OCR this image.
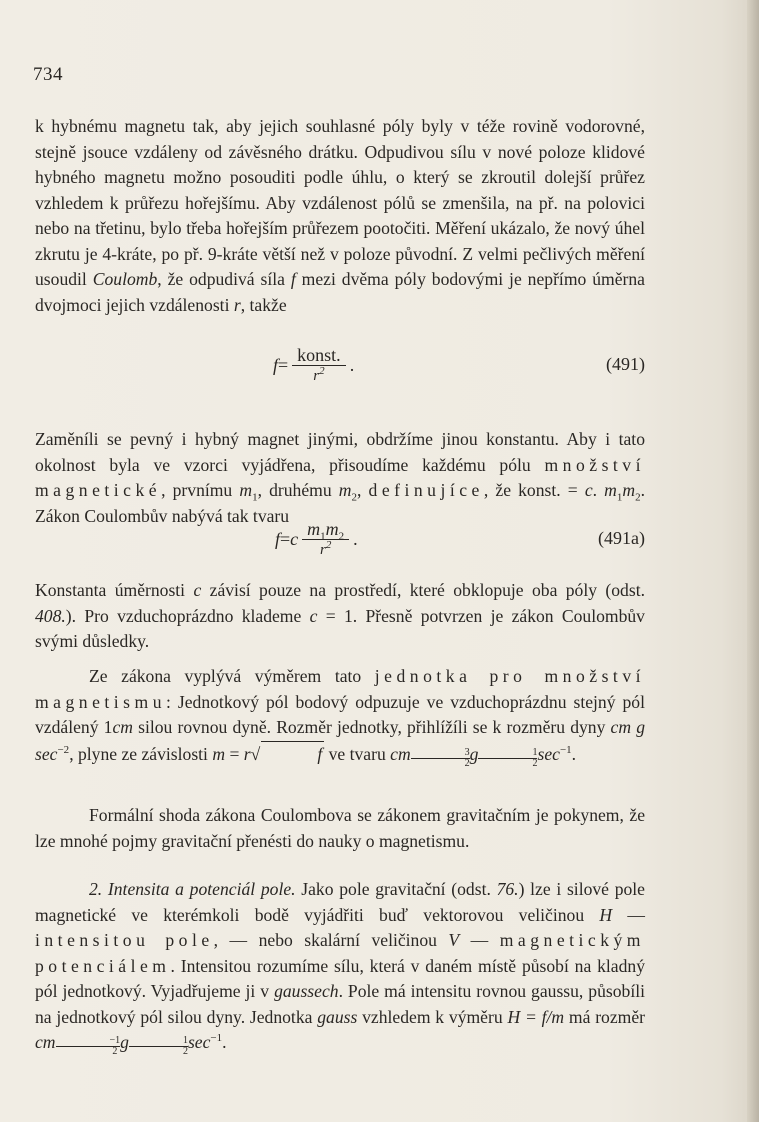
734
k hybnému magnetu tak, aby jejich souhlasné póly byly v téže rovině vodorovné, stejně jsouce vzdáleny od závěsného drátku. Odpudivou sílu v nové poloze klidové hybného magnetu možno posouditi podle úhlu, o který se zkroutil dolejší průřez vzhledem k průřezu hořejšímu. Aby vzdálenost pólů se zmenšila, na př. na polovici nebo na třetinu, bylo třeba hořejším průřezem pootočiti. Měření ukázalo, že nový úhel zkrutu je 4-kráte, po př. 9-kráte větší než v poloze původní. Z velmi pečlivých měření usoudil Coulomb, že odpudivá síla f mezi dvěma póly bodovými je nepřímo úměrna dvojmoci jejich vzdálenosti r, takže
$f = \frac{\text{konst.}}{r^2}$ .	(491)
Zaměníli se pevný i hybný magnet jinými, obdržíme jinou konstantu. Aby i tato okolnost byla ve vzorci vyjádřena, přisoudíme každému pólu množství magnetické, prvnímu $m_1$, druhému $m_2$, definujíce, že konst. = c. $m_1m_2$. Zákon Coulombův nabývá tak tvaru
f = c $\frac{m_1m_2}{r^2}$ .	(491a)
Konstanta úměrnosti c závisí pouze na prostředí, které obklopuje oba póly (odst. 408.). Pro vzduchoprázdno klademe c = 1. Přesně potvrzen je zákon Coulombův svými důsledky.
Ze zákona vyplývá výměrem tato jednotka pro množství magnetismu: Jednotkový pól bodový odpuzuje ve vzduchoprázdnu stejný pól vzdálený 1cm silou rovnou dyně. Rozměr jednotky, přihlížíli se k rozměru dyny cm g $\sec^{-2}$, plyne ze závislosti m = r√	f ve tvaru cm $\frac{3}{2}$ g $\frac{1}{2} \sec^{-1}$.
Formální shoda zákona Coulombova se zákonem gravitačním je pokynem, že lze mnohé pojmy gravitační přenésti do nauky o magnetismu.
2. Intensita a potenciál pole. Jako pole gravitační (odst. 76.) lze i silové pole magnetické ve kterémkoli bodě vyjádřiti buď vektorovou veličinou H — intensitou pole, — nebo skalární veličinou V — magnetickým potenciálem. Intensitou rozumíme sílu, která v daném místě působí na kladný pól jednotkový. Vyjadřujeme ji v gaussech. Pole má intensitu rovnou gaussu, působíli na jednotkový pól silou dyny. Jednotka gauss vzhledem k výměru H = f/m má rozměr cm $\frac{-1}{2}$ g $\frac{1}{2} \sec^{-1}$.
